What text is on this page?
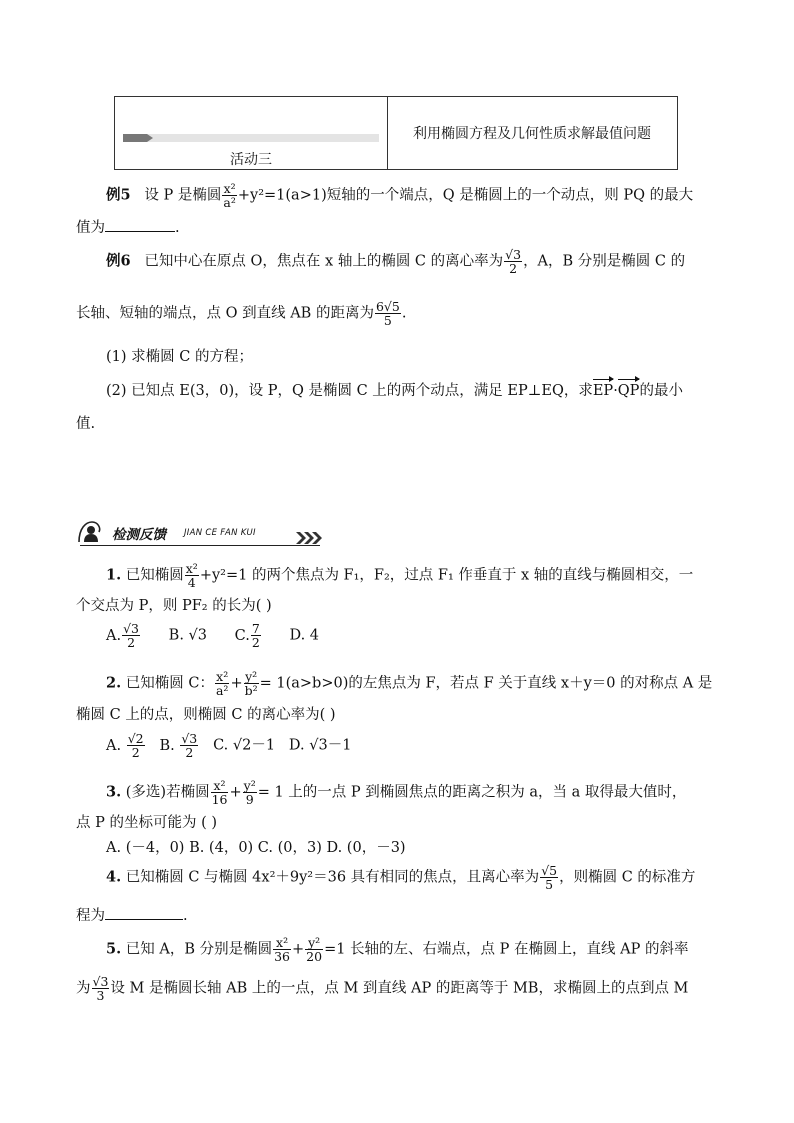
活动三
利用椭圆方程及几何性质求解最值问题
例5 设 P 是椭圆 $\frac{\text{x²}}{\text{a²}} +y^2=1(a>1)$短轴的一个端点，Q 是椭圆上的一个动点，则 PQ 的最大
值为	.
例6 已知中心在原点 O，焦点在 x 轴上的椭圆 C 的离心率为 $\frac{√3}{2}$ ，A，B 分别是椭圆 C 的
长轴、短轴的端点，点 O 到直线 AB 的距离为 $\frac{6√5}{5}$ .
(1) 求椭圆 C 的方程；
(2) 已知点 E(3，0)，设 P，Q 是椭圆 C 上的两个动点，满足 EP⊥EQ，求EP·QP的最小
值.
检测反馈 JIAN CE FAN KUI
1. 已知椭圆 $\frac{\text{x²}}{4} +y^2=1$ 的两个焦点为 F₁，F₂，过点 F₁ 作垂直于 x 轴的直线与椭圆相交，一
个交点为 P，则 PF₂ 的长为( )
A. $\frac{√3}{2} B$. √3 C. $\frac{7}{2} D$. 4
2. 已知椭圆 C： $\frac{\text{x²}}{\text{a²}} + \frac{\text{y²}}{\text{b²}} = 1(a>b>0)$的左焦点为 F，若点 F 关于直线 x＋y＝0 的对称点 A 是
椭圆 C 上的点，则椭圆 C 的离心率为( )
A. $\frac{√2}{2} B$. $\frac{√3}{2} C$. √2－1 D. √3－1
3. (多选)若椭圆 $\frac{\text{x²}}{16} + \frac{\text{y²}}{9} = 1$ 上的一点 P 到椭圆焦点的距离之积为 a，当 a 取得最大值时，
点 P 的坐标可能为 ( )
A. (－4，0) B. (4，0) C. (0，3) D. (0，－3)
4. 已知椭圆 C 与椭圆 4x²＋9y²＝36 具有相同的焦点，且离心率为 $\frac{√5}{5}$ ，则椭圆 C 的标准方
程为	.
5. 已知 A，B 分别是椭圆 $\frac{\text{x²}}{36} + \frac{\text{y²}}{20} =1$ 长轴的左、右端点，点 P 在椭圆上，直线 AP 的斜率
为 $\frac{√3}{3}$ 设 M 是椭圆长轴 AB 上的一点，点 M 到直线 AP 的距离等于 MB，求椭圆上的点到点 M
